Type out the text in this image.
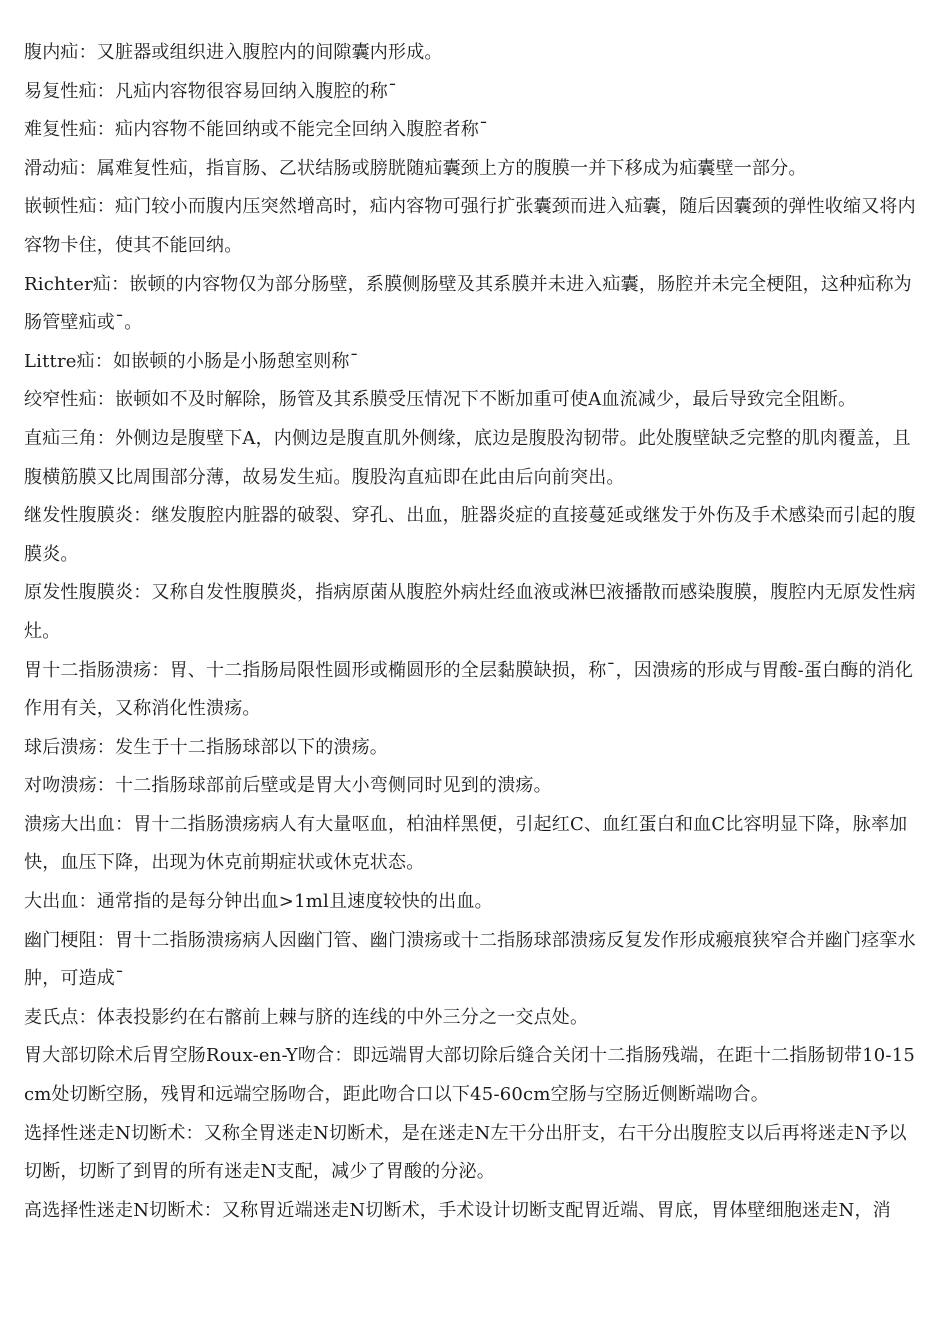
腹内疝：又脏器或组织进入腹腔内的间隙囊内形成。

易复性疝：凡疝内容物很容易回纳入腹腔的称¯

难复性疝：疝内容物不能回纳或不能完全回纳入腹腔者称¯

滑动疝：属难复性疝，指盲肠、乙状结肠或膀胱随疝囊颈上方的腹膜一并下移成为疝囊壁一部分。

嵌顿性疝：疝门较小而腹内压突然增高时，疝内容物可强行扩张囊颈而进入疝囊，随后因囊颈的弹性收缩又将内容物卡住，使其不能回纳。

Richter疝：嵌顿的内容物仅为部分肠壁，系膜侧肠壁及其系膜并未进入疝囊，肠腔并未完全梗阻，这种疝称为肠管壁疝或¯。

Littre疝：如嵌顿的小肠是小肠憩室则称¯

绞窄性疝：嵌顿如不及时解除，肠管及其系膜受压情况下不断加重可使A血流减少，最后导致完全阻断。

直疝三角：外侧边是腹壁下A，内侧边是腹直肌外侧缘，底边是腹股沟韧带。此处腹壁缺乏完整的肌肉覆盖，且腹横筋膜又比周围部分薄，故易发生疝。腹股沟直疝即在此由后向前突出。

继发性腹膜炎：继发腹腔内脏器的破裂、穿孔、出血，脏器炎症的直接蔓延或继发于外伤及手术感染而引起的腹膜炎。

原发性腹膜炎：又称自发性腹膜炎，指病原菌从腹腔外病灶经血液或淋巴液播散而感染腹膜，腹腔内无原发性病灶。

胃十二指肠溃疡：胃、十二指肠局限性圆形或椭圆形的全层黏膜缺损，称¯，因溃疡的形成与胃酸-蛋白酶的消化作用有关，又称消化性溃疡。

球后溃疡：发生于十二指肠球部以下的溃疡。

对吻溃疡：十二指肠球部前后壁或是胃大小弯侧同时见到的溃疡。

溃疡大出血：胃十二指肠溃疡病人有大量呕血，柏油样黑便，引起红C、血红蛋白和血C比容明显下降，脉率加快，血压下降，出现为休克前期症状或休克状态。

大出血：通常指的是每分钟出血>1ml且速度较快的出血。

幽门梗阻：胃十二指肠溃疡病人因幽门管、幽门溃疡或十二指肠球部溃疡反复发作形成瘢痕狭窄合并幽门痉挛水肿，可造成¯

麦氏点：体表投影约在右髂前上棘与脐的连线的中外三分之一交点处。

胃大部切除术后胃空肠Roux-en-Y吻合：即远端胃大部切除后缝合关闭十二指肠残端，在距十二指肠韧带10-15cm处切断空肠，残胃和远端空肠吻合，距此吻合口以下45-60cm空肠与空肠近侧断端吻合。

选择性迷走N切断术：又称全胃迷走N切断术，是在迷走N左干分出肝支，右干分出腹腔支以后再将迷走N予以切断，切断了到胃的所有迷走N支配，减少了胃酸的分泌。

高选择性迷走N切断术：又称胃近端迷走N切断术，手术设计切断支配胃近端、胃底，胃体壁细胞迷走N，消
